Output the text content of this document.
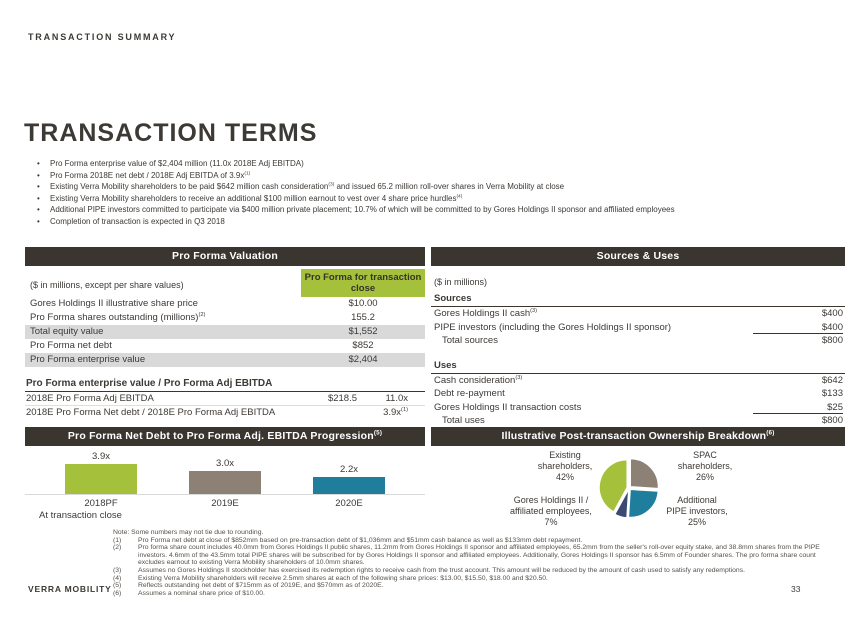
TRANSACTION SUMMARY
TRANSACTION TERMS
• Pro Forma enterprise value of $2,404 million (11.0x 2018E Adj EBITDA)
• Pro Forma 2018E net debt / 2018E Adj EBITDA of $3.9x^{(1)}$
• Existing Verra Mobility shareholders to be paid $642 million cash consideration$^{(3)}$ and issued 65.2 million roll-over shares in Verra Mobility at close
• Existing Verra Mobility shareholders to receive an additional $100 million earnout to vest over 4 share price hurdles$^{(4)}$
• Additional PIPE investors committed to participate via $400 million private placement; 10.7% of which will be committed to by Gores Holdings II sponsor and affiliated employees
• Completion of transaction is expected in Q3 2018
Pro Forma Valuation
($ in millions, except per share values)
Pro Forma for transaction close
Gores Holdings II illustrative share price	$10.00
Pro Forma shares outstanding (millions)$^{(2)}$	155.2
Total equity value	$1,552
Pro Forma net debt	$852
Pro Forma enterprise value	$2,404
Pro Forma enterprise value / Pro Forma Adj EBITDA
2018E Pro Forma Adj EBITDA	$218.5	11.0x
2018E Pro Forma Net debt / 2018E Pro Forma Adj EBITDA	$3.9x^{(1)}$
Pro Forma Net Debt to Pro Forma Adj. EBITDA Progression$^{(5)}$
3.9x
3.0x
2.2x
2018PF
At transaction close
2019E	2020E
Sources & Uses
($ in millions)
Sources
Gores Holdings II cash$^{(3)}$	$400
PIPE investors (including the Gores Holdings II sponsor)	$400
Total sources	$800
Uses
Cash consideration$^{(3)}$	$642
Debt re-payment	$133
Gores Holdings II transaction costs	$25
Total uses	$800
Illustrative Post-transaction Ownership Breakdown$^{(6)}$
Existing
shareholders,
42%
SPAC
shareholders,
26%
Gores Holdings II /
affiliated employees,
7%
Additional
PIPE investors,
25%
Note: Some numbers may not tie due to rounding.
(1)	Pro Forma net debt at close of $852mm based on pre-transaction debt of $1,036mm and $51mm cash balance as well as $133mm debt repayment.
(2)	Pro forma share count includes 40.0mm from Gores Holdings II public shares, 11.2mm from Gores Holdings II sponsor and affiliated employees, 65.2mm from the seller's roll-over equity stake, and 38.8mm shares from the PIPE investors. 4.6mm of the 43.5mm total PIPE shares will be subscribed for by Gores Holdings II sponsor and affiliated employees. Additionally, Gores Holdings II sponsor has 6.5mm of Founder shares. The pro forma share count excludes earnout to existing Verra Mobility shareholders of 10.0mm shares.
(3)	Assumes no Gores Holdings II stockholder has exercised its redemption rights to receive cash from the trust account. This amount will be reduced by the amount of cash used to satisfy any redemptions.
(4)	Existing Verra Mobility shareholders will receive 2.5mm shares at each of the following share prices: $13.00, $15.50, $18.00 and $20.50.
(5)	Reflects outstanding net debt of $715mm as of 2019E, and $570mm as of 2020E.
(6)	Assumes a nominal share price of $10.00.
VERRA MOBILITY	33
